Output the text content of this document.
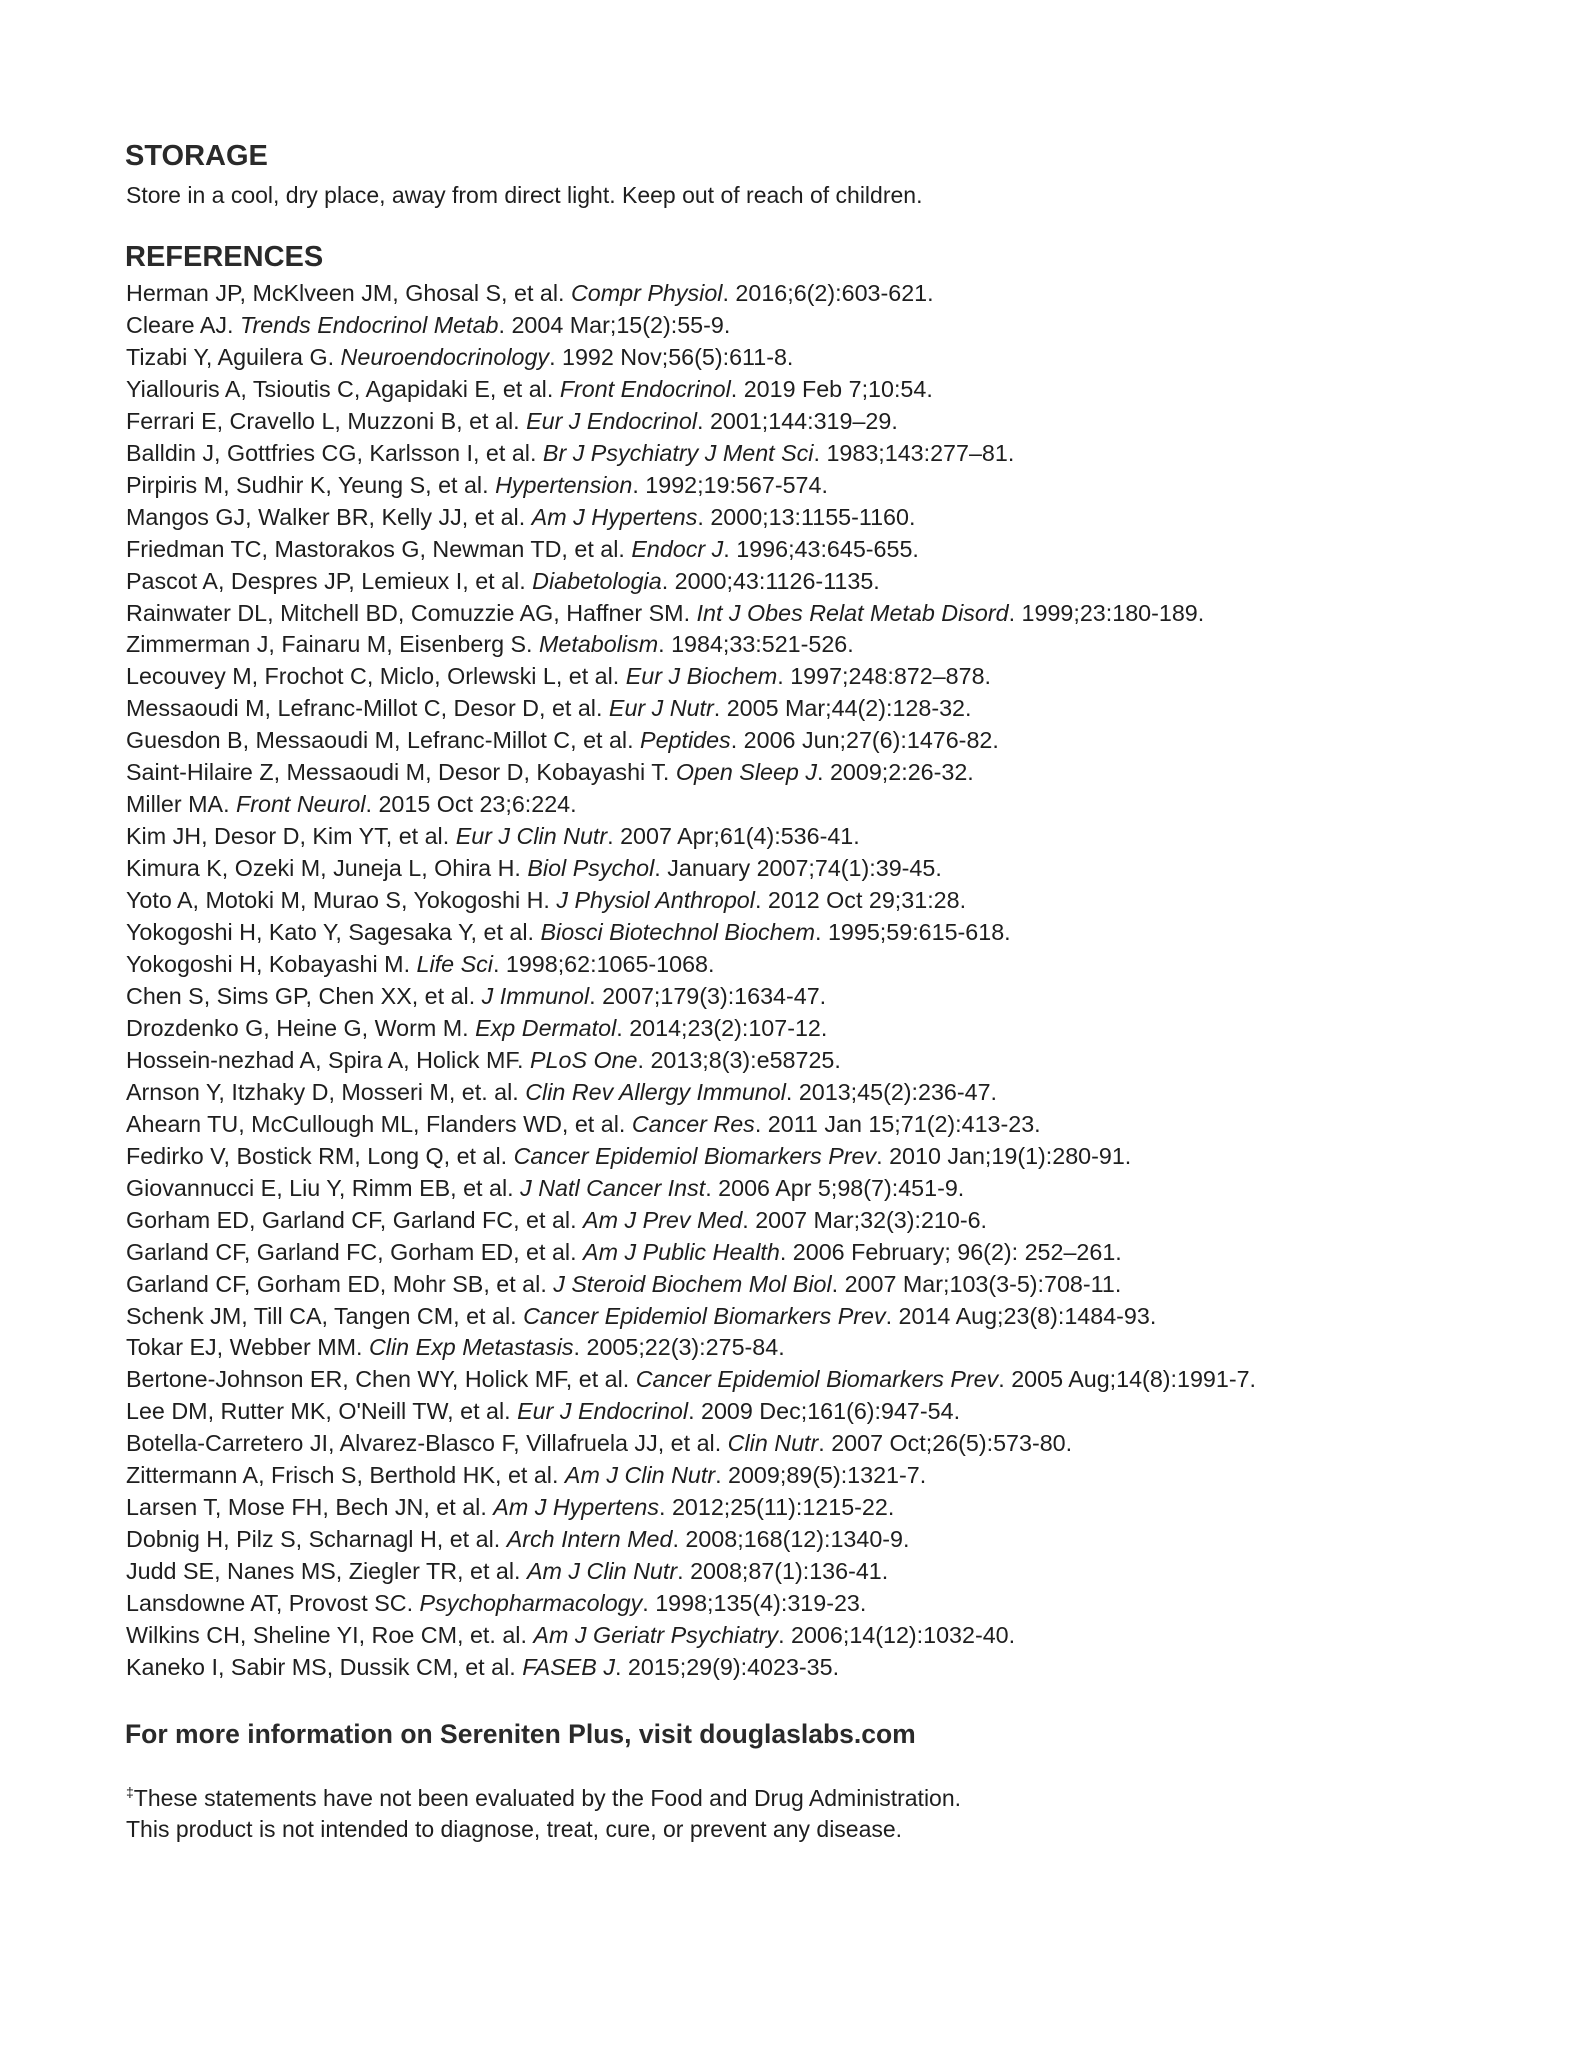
STORAGE

Store in a cool, dry place, away from direct light. Keep out of reach of children.

REFERENCES
Herman JP, McKlveen JM, Ghosal S, et al. Compr Physiol. 2016;6(2):603-621.
Cleare AJ. Trends Endocrinol Metab. 2004 Mar;15(2):55-9.
Tizabi Y, Aguilera G. Neuroendocrinology. 1992 Nov;56(5):611-8.
Yiallouris A, Tsioutis C, Agapidaki E, et al. Front Endocrinol. 2019 Feb 7;10:54.
Ferrari E, Cravello L, Muzzoni B, et al. Eur J Endocrinol. 2001;144:319–29.
Balldin J, Gottfries CG, Karlsson I, et al. Br J Psychiatry J Ment Sci. 1983;143:277–81.
Pirpiris M, Sudhir K, Yeung S, et al. Hypertension. 1992;19:567-574.
Mangos GJ, Walker BR, Kelly JJ, et al. Am J Hypertens. 2000;13:1155-1160.
Friedman TC, Mastorakos G, Newman TD, et al. Endocr J. 1996;43:645-655.
Pascot A, Despres JP, Lemieux I, et al. Diabetologia. 2000;43:1126-1135.
Rainwater DL, Mitchell BD, Comuzzie AG, Haffner SM. Int J Obes Relat Metab Disord. 1999;23:180-189.
Zimmerman J, Fainaru M, Eisenberg S. Metabolism. 1984;33:521-526.
Lecouvey M, Frochot C, Miclo, Orlewski L, et al. Eur J Biochem. 1997;248:872–878.
Messaoudi M, Lefranc-Millot C, Desor D, et al. Eur J Nutr. 2005 Mar;44(2):128-32.
Guesdon B, Messaoudi M, Lefranc-Millot C, et al. Peptides. 2006 Jun;27(6):1476-82.
Saint-Hilaire Z, Messaoudi M, Desor D, Kobayashi T. Open Sleep J. 2009;2:26-32.
Miller MA. Front Neurol. 2015 Oct 23;6:224.
Kim JH, Desor D, Kim YT, et al. Eur J Clin Nutr. 2007 Apr;61(4):536-41.
Kimura K, Ozeki M, Juneja L, Ohira H. Biol Psychol. January 2007;74(1):39-45.
Yoto A, Motoki M, Murao S, Yokogoshi H. J Physiol Anthropol. 2012 Oct 29;31:28.
Yokogoshi H, Kato Y, Sagesaka Y, et al. Biosci Biotechnol Biochem. 1995;59:615-618.
Yokogoshi H, Kobayashi M. Life Sci. 1998;62:1065-1068.
Chen S, Sims GP, Chen XX, et al. J Immunol. 2007;179(3):1634-47.
Drozdenko G, Heine G, Worm M. Exp Dermatol. 2014;23(2):107-12.
Hossein-nezhad A, Spira A, Holick MF. PLoS One. 2013;8(3):e58725.
Arnson Y, Itzhaky D, Mosseri M, et. al. Clin Rev Allergy Immunol. 2013;45(2):236-47.
Ahearn TU, McCullough ML, Flanders WD, et al. Cancer Res. 2011 Jan 15;71(2):413-23.
Fedirko V, Bostick RM, Long Q, et al. Cancer Epidemiol Biomarkers Prev. 2010 Jan;19(1):280-91.
Giovannucci E, Liu Y, Rimm EB, et al. J Natl Cancer Inst. 2006 Apr 5;98(7):451-9.
Gorham ED, Garland CF, Garland FC, et al. Am J Prev Med. 2007 Mar;32(3):210-6.
Garland CF, Garland FC, Gorham ED, et al. Am J Public Health. 2006 February; 96(2): 252–261.
Garland CF, Gorham ED, Mohr SB, et al. J Steroid Biochem Mol Biol. 2007 Mar;103(3-5):708-11.
Schenk JM, Till CA, Tangen CM, et al. Cancer Epidemiol Biomarkers Prev. 2014 Aug;23(8):1484-93.
Tokar EJ, Webber MM. Clin Exp Metastasis. 2005;22(3):275-84.
Bertone-Johnson ER, Chen WY, Holick MF, et al. Cancer Epidemiol Biomarkers Prev. 2005 Aug;14(8):1991-7.
Lee DM, Rutter MK, O'Neill TW, et al. Eur J Endocrinol. 2009 Dec;161(6):947-54.
Botella-Carretero JI, Alvarez-Blasco F, Villafruela JJ, et al. Clin Nutr. 2007 Oct;26(5):573-80.
Zittermann A, Frisch S, Berthold HK, et al. Am J Clin Nutr. 2009;89(5):1321-7.
Larsen T, Mose FH, Bech JN, et al. Am J Hypertens. 2012;25(11):1215-22.
Dobnig H, Pilz S, Scharnagl H, et al. Arch Intern Med. 2008;168(12):1340-9.
Judd SE, Nanes MS, Ziegler TR, et al. Am J Clin Nutr. 2008;87(1):136-41.
Lansdowne AT, Provost SC. Psychopharmacology. 1998;135(4):319-23.
Wilkins CH, Sheline YI, Roe CM, et. al. Am J Geriatr Psychiatry. 2006;14(12):1032-40.
Kaneko I, Sabir MS, Dussik CM, et al. FASEB J. 2015;29(9):4023-35.

For more information on Sereniten Plus, visit douglaslabs.com

‡These statements have not been evaluated by the Food and Drug Administration.
This product is not intended to diagnose, treat, cure, or prevent any disease.
